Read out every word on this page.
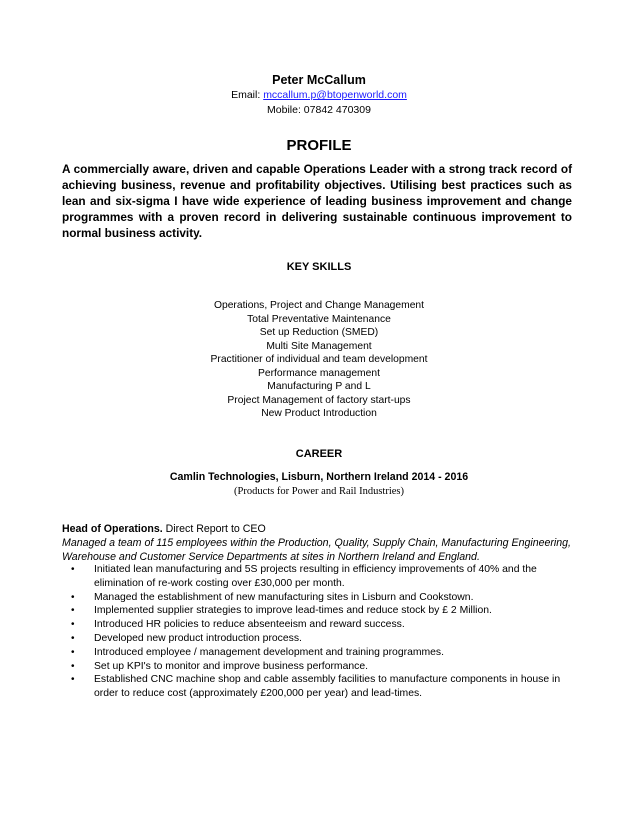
Peter McCallum
Email: mccallum.p@btopenworld.com
Mobile: 07842 470309
PROFILE
A commercially aware, driven and capable Operations Leader with a strong track record of achieving business, revenue and profitability objectives. Utilising best practices such as lean and six-sigma I have wide experience of leading business improvement and change programmes with a proven record in delivering sustainable continuous improvement to normal business activity.
KEY SKILLS
Operations, Project and Change Management
Total Preventative Maintenance
Set up Reduction (SMED)
Multi Site Management
Practitioner of individual and team development
Performance management
Manufacturing P and L
Project Management of factory start-ups
New Product Introduction
CAREER
Camlin Technologies, Lisburn, Northern Ireland 2014 - 2016
(Products for Power and Rail Industries)
Head of Operations. Direct Report to CEO
Managed a team of 115 employees within the Production, Quality, Supply Chain, Manufacturing Engineering, Warehouse and Customer Service Departments at sites in Northern Ireland and England.
• Initiated lean manufacturing and 5S projects resulting in efficiency improvements of 40% and the elimination of re-work costing over £30,000 per month.
• Managed the establishment of new manufacturing sites in Lisburn and Cookstown.
• Implemented supplier strategies to improve lead-times and reduce stock by £ 2 Million.
• Introduced HR policies to reduce absenteeism and reward success.
• Developed new product introduction process.
• Introduced employee / management development and training programmes.
• Set up KPI's to monitor and improve business performance.
• Established CNC machine shop and cable assembly facilities to manufacture components in house in order to reduce cost (approximately £200,000 per year) and lead-times.
